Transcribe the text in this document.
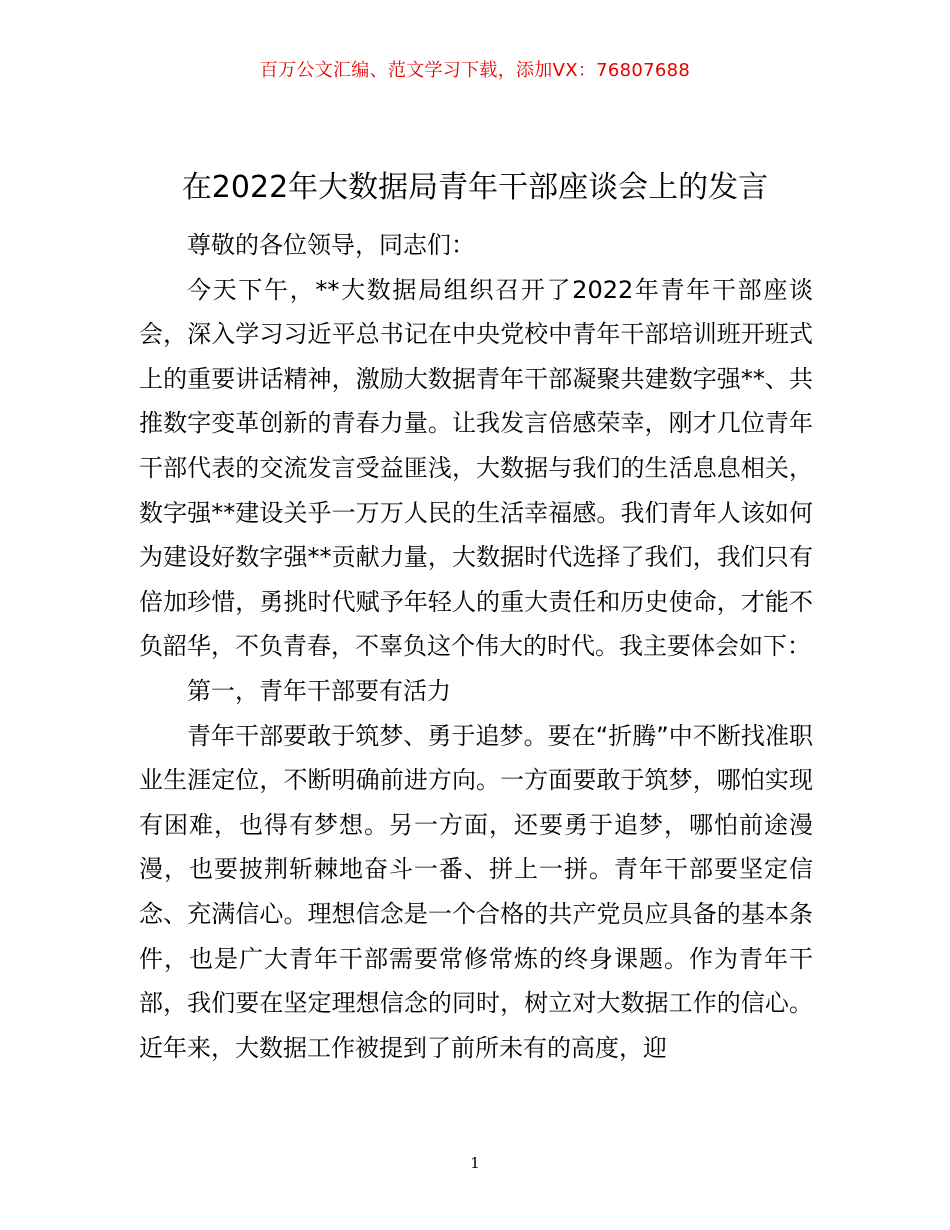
百万公文汇编、范文学习下载，添加VX：76807688
在2022年大数据局青年干部座谈会上的发言

尊敬的各位领导，同志们：

今天下午，**大数据局组织召开了2022年青年干部座谈会，深入学习习近平总书记在中央党校中青年干部培训班开班式上的重要讲话精神，激励大数据青年干部凝聚共建数字强**、共推数字变革创新的青春力量。让我发言倍感荣幸，刚才几位青年干部代表的交流发言受益匪浅，大数据与我们的生活息息相关，数字强**建设关乎一万万人民的生活幸福感。我们青年人该如何为建设好数字强**贡献力量，大数据时代选择了我们，我们只有倍加珍惜，勇挑时代赋予年轻人的重大责任和历史使命，才能不负韶华，不负青春，不辜负这个伟大的时代。我主要体会如下：

第一，青年干部要有活力

青年干部要敢于筑梦、勇于追梦。要在“折腾”中不断找准职业生涯定位，不断明确前进方向。一方面要敢于筑梦，哪怕实现有困难，也得有梦想。另一方面，还要勇于追梦，哪怕前途漫漫，也要披荆斩棘地奋斗一番、拼上一拼。青年干部要坚定信念、充满信心。理想信念是一个合格的共产党员应具备的基本条件，也是广大青年干部需要常修常炼的终身课题。作为青年干部，我们要在坚定理想信念的同时，树立对大数据工作的信心。近年来，大数据工作被提到了前所未有的高度，迎

1
